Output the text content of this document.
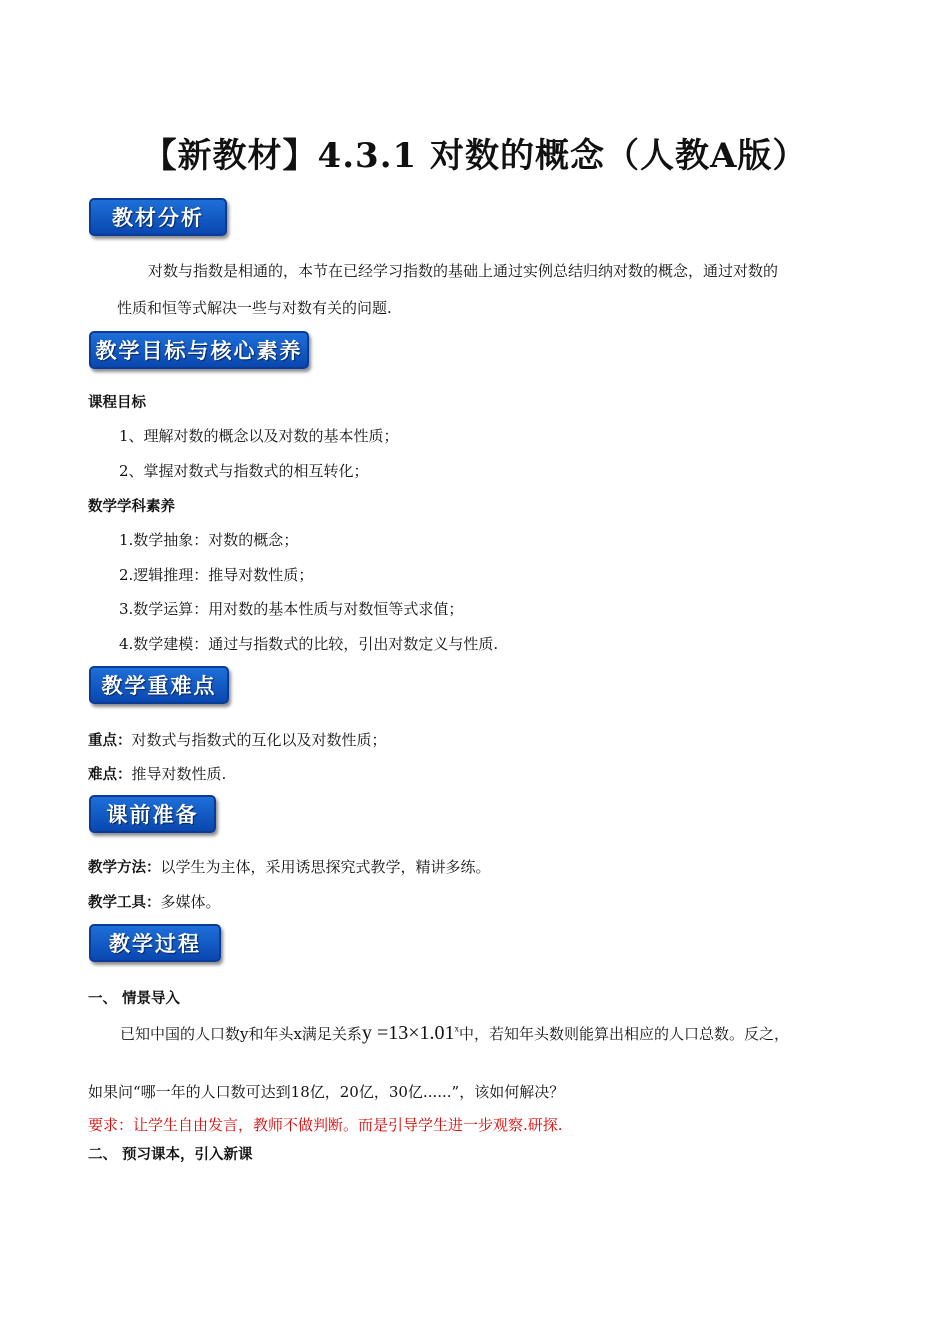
【新教材】4.3.1 对数的概念（人教A版）
教材分析

对数与指数是相通的，本节在已经学习指数的基础上通过实例总结归纳对数的概念，通过对数的

性质和恒等式解决一些与对数有关的问题.

教学目标与核心素养

课程目标

1、理解对数的概念以及对数的基本性质；

2、掌握对数式与指数式的相互转化；

数学学科素养

1.数学抽象：对数的概念；

2.逻辑推理：推导对数性质；

3.数学运算：用对数的基本性质与对数恒等式求值；

4.数学建模：通过与指数式的比较，引出对数定义与性质.

教学重难点

重点：对数式与指数式的互化以及对数性质；

难点：推导对数性质.

课前准备

教学方法：以学生为主体，采用诱思探究式教学，精讲多练。

教学工具：多媒体。

教学过程

一、 情景导入

已知中国的人口数y和年头x满足关系$y =13\times 1.01^x$中，若知年头数则能算出相应的人口总数。反之，

如果问“哪一年的人口数可达到18亿，20亿，30亿......”，该如何解决？

要求：让学生自由发言，教师不做判断。而是引导学生进一步观察.研探.

二、 预习课本，引入新课
